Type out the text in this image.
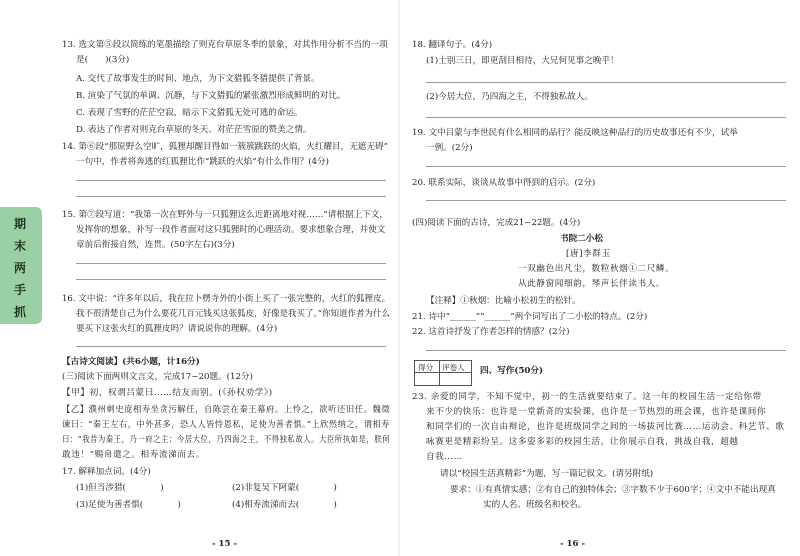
期
末
两
手
抓
13. 选文第⑤段以简练的笔墨描绘了则克台草原冬季的景象，对其作用分析不当的一项
是(　　)(3分)
A. 交代了故事发生的时间、地点，为下文猎狐冬猎提供了背景。
B. 渲染了气氛的单调、沉静，与下文猎狐的紧张激烈形成鲜明的对比。
C. 表现了雪野的茫茫空寂，暗示下文猎狐无处可逃的命运。
D. 表达了作者对则克台草原的冬天、对茫茫雪原的赞美之情。
14. 第⑥段“那原野么空旷，狐狸却醒目得如一簇簇跳跃的火焰，火红耀目，无遮无碍”
一句中，作者将奔逃的红狐狸比作“跳跃的火焰”有什么作用？(4分)
15. 第⑦段写道：“我第一次在野外与一只狐狸这么近距离地对视……”请根据上下文，
发挥你的想象，补写一段作者面对这只狐狸时的心理活动。要求想象合理，并使文
章前后衔接自然，连贯。(50字左右)(3分)
16. 文中说：“许多年以后，我在拉卜楞寺外的小街上买了一张完整的，火红的狐狸皮。
我不很清楚自己为什么要花几百元钱买这张狐皮，好像是我买了。”你知道作者为什么
要买下这张火红的狐狸皮吗？请说说你的理解。(4分)
【古诗文阅读】(共6小题，计16分)
(三)阅读下面两则文言文，完成17~20题。(12分)
【甲】初，权谓吕蒙曰……结友而别。(《孙权劝学》)
【乙】濮州刺史庞相寿坐贪污解任，自陈尝在秦王幕府。上怜之，欲听还旧任。魏徵
谏曰：“秦王左右，中外甚多，恐人人皆恃恩私，足使为善者惧。”上欣然纳之，谓相寿
曰：“我昔为秦王，乃一府之主；今居大位，乃四海之主，不得独私故人。大臣所执如是，朕何
敢违！”赐帛遣之。相寿流涕而去。
17. 解释加点词。(4分)
(1)但当涉猎(　　　　)	(2)非复吴下阿蒙(　　　　)
(3)足使为善者惧(　　　　)	(4)相寿流涕而去(　　　　)
- 15 -
18. 翻译句子。(4分)
(1)士别三日，即更刮目相待，大兄何见事之晚乎！
(2)今居大位，乃四海之主，不得独私故人。
19. 文中吕蒙与李世民有什么相同的品行？能反映这种品行的历史故事还有不少，试举
一例。(2分)
20. 联系实际，谈谈从故事中得到的启示。(2分)
(四)阅读下面的古诗，完成21~22题。(4分)
书院二小松
[唐]李群玉
一双幽色出凡尘，数粒秋烟①二尺鳞。
从此静窗闻细韵，琴声长伴读书人。
【注释】①秋烟：比喻小松初生的松针。
21. 诗中“______”“______”两个词写出了二小松的特点。(2分)
22. 这首诗抒发了作者怎样的情感？(2分)
得分 评卷人 四、写作(50分)
23. 亲爱的同学，不知不觉中，初一的生活就要结束了。这一年的校园生活一定给你带
来不少的快乐：也许是一堂新奇的实验课，也许是一节热烈的班会课，也许是课间你
和同学们的一次自由辩论，也许是班级同学之间的一场拔河比赛……运动会、科艺节、歌
咏赛更是精彩纷呈。这多姿多彩的校园生活，让你展示自我，挑战自我，超越
自我……
请以“校园生活真精彩”为题，写一篇记叙文。(请另附纸)
要求：①有真情实感；②有自己的独特体会；③字数不少于600字；④文中不能出现真
实的人名、班级名和校名。
- 16 -
